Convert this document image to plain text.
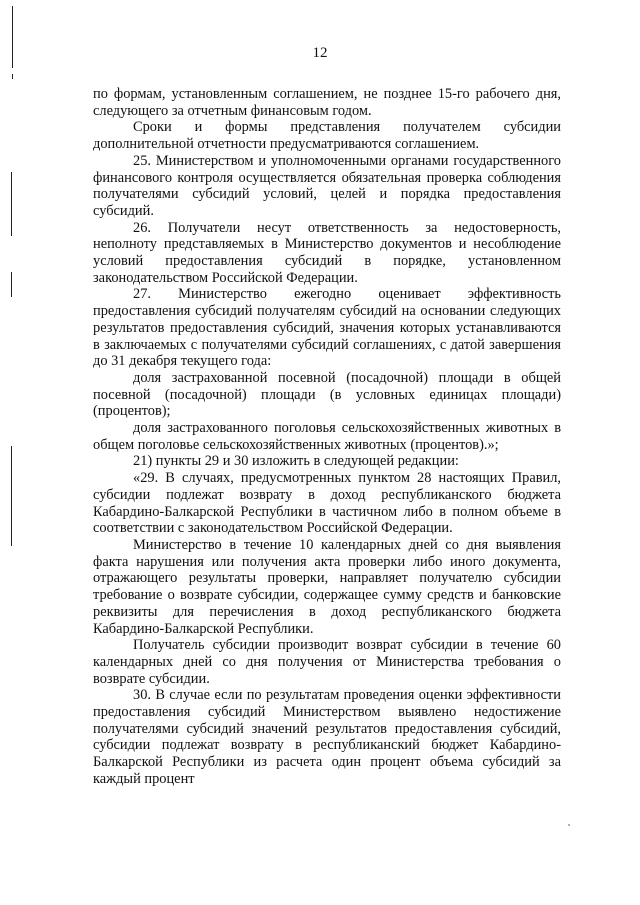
12

по формам, установленным соглашением, не позднее 15-го рабочего дня, следующего за отчетным финансовым годом.

Сроки и формы представления получателем субсидии дополнительной отчетности предусматриваются соглашением.

25. Министерством и уполномоченными органами государственного финансового контроля осуществляется обязательная проверка соблюдения получателями субсидий условий, целей и порядка предоставления субсидий.

26. Получатели несут ответственность за недостоверность, неполноту представляемых в Министерство документов и несоблюдение условий предоставления субсидий в порядке, установленном законодательством Российской Федерации.

27. Министерство ежегодно оценивает эффективность предоставления субсидий получателям субсидий на основании следующих результатов предоставления субсидий, значения которых устанавливаются в заключаемых с получателями субсидий соглашениях, с датой завершения до 31 декабря текущего года:

доля застрахованной посевной (посадочной) площади в общей посевной (посадочной) площади (в условных единицах площади) (процентов);

доля застрахованного поголовья сельскохозяйственных животных в общем поголовье сельскохозяйственных животных (процентов).»;

21) пункты 29 и 30 изложить в следующей редакции:

«29. В случаях, предусмотренных пунктом 28 настоящих Правил, субсидии подлежат возврату в доход республиканского бюджета Кабардино-Балкарской Республики в частичном либо в полном объеме в соответствии с законодательством Российской Федерации.

Министерство в течение 10 календарных дней со дня выявления факта нарушения или получения акта проверки либо иного документа, отражающего результаты проверки, направляет получателю субсидии требование о возврате субсидии, содержащее сумму средств и банковские реквизиты для перечисления в доход республиканского бюджета Кабардино-Балкарской Республики.

Получатель субсидии производит возврат субсидии в течение 60 календарных дней со дня получения от Министерства требования о возврате субсидии.

30. В случае если по результатам проведения оценки эффективности предоставления субсидий Министерством выявлено недостижение получателями субсидий значений результатов предоставления субсидий, субсидии подлежат возврату в республиканский бюджет Кабардино-Балкарской Республики из расчета один процент объема субсидий за каждый процент
